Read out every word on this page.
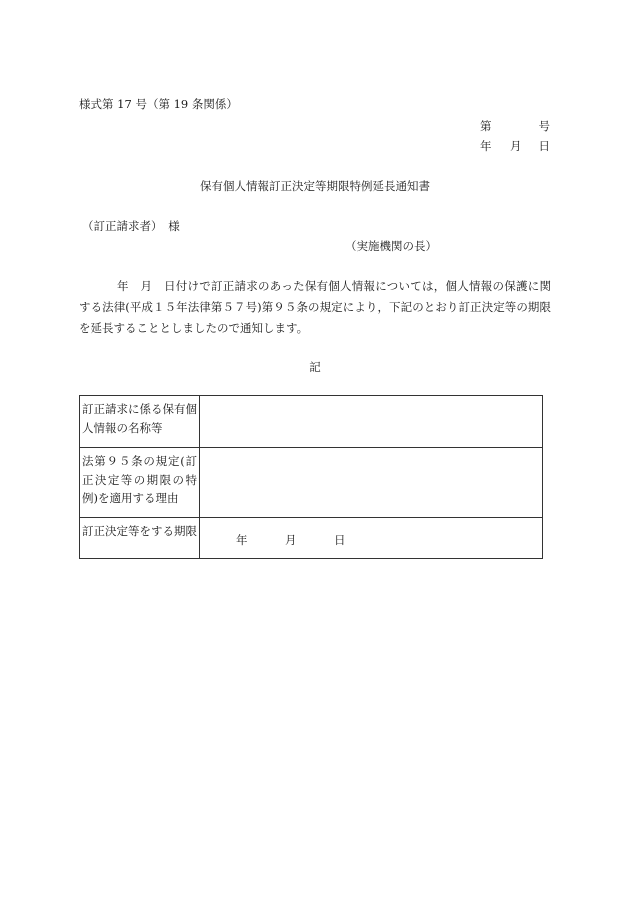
様式第 17 号（第 19 条関係）
第	号
年 月 日
保有個人情報訂正決定等期限特例延長通知書
（訂正請求者）　様
（実施機関の長）
年　月　日付けで訂正請求のあった保有個人情報については，個人情報の保護に関する法律(平成１５年法律第５７号)第９５条の規定により，下記のとおり訂正決定等の期限を延長することとしましたので通知します。
記
訂正請求に係る保有個人情報の名称等	
法第９５条の規定(訂正決定等の期限の特例)を適用する理由	
訂正決定等をする期限	年 月 日
